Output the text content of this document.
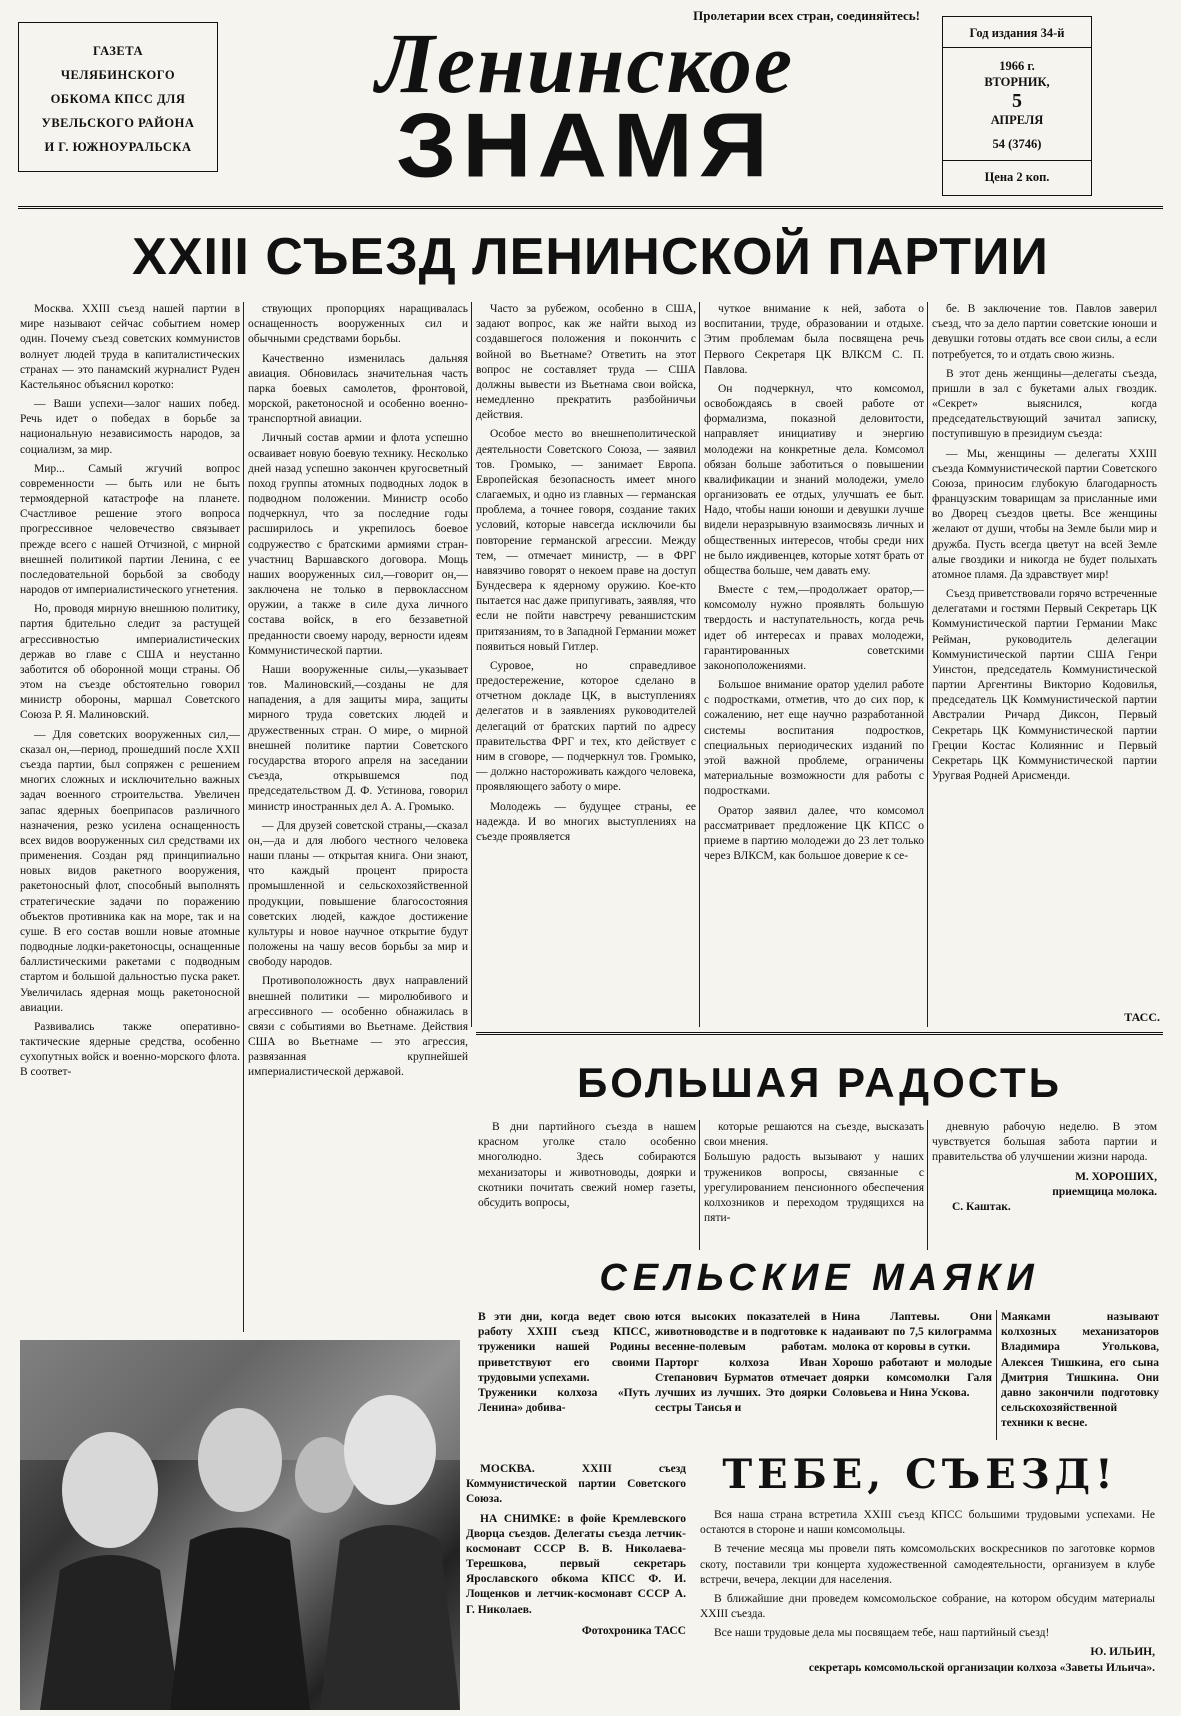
ГАЗЕТА
ЧЕЛЯБИНСКОГО
ОБКОМА КПСС ДЛЯ
УВЕЛЬСКОГО РАЙОНА
И Г. ЮЖНОУРАЛЬСКА
Пролетарии всех стран, соединяйтесь!
Ленинское
ЗНАМЯ
Год издания 34-й
1966 г.
ВТОРНИК,
5
АПРЕЛЯ
54 (3746)
Цена 2 коп.
XXIII СЪЕЗД ЛЕНИНСКОЙ ПАРТИИ

Москва. XXIII съезд нашей партии в мире называют сейчас событием номер один. Почему съезд советских коммунистов волнует людей труда в капиталистических странах — это панамский журналист Руден Кастельянос объяснил коротко:

— Ваши успехи—залог наших побед. Речь идет о победах в борьбе за национальную независимость народов, за социализм, за мир.

Мир... Самый жгучий вопрос современности — быть или не быть термоядерной катастрофе на планете. Счастливое решение этого вопроса прогрессивное человечество связывает прежде всего с нашей Отчизной, с мирной внешней политикой партии Ленина, с ее последовательной борьбой за свободу народов от империалистического угнетения.

Но, проводя мирную внешнюю политику, партия бдительно следит за растущей агрессивностью империалистических держав во главе с США и неустанно заботится об оборонной мощи страны. Об этом на съезде обстоятельно говорил министр обороны, маршал Советского Союза Р. Я. Малиновский.

— Для советских вооруженных сил,—сказал он,—период, прошедший после XXII съезда партии, был сопряжен с решением многих сложных и исключительно важных задач военного строительства. Увеличен запас ядерных боеприпасов различного назначения, резко усилена оснащенность всех видов вооруженных сил средствами их применения. Создан ряд принципиально новых видов ракетного вооружения, ракетоносный флот, способный выполнять стратегические задачи по поражению объектов противника как на море, так и на суше. В его состав вошли новые атомные подводные лодки-ракетоносцы, оснащенные баллистическими ракетами с подводным стартом и большой дальностью пуска ракет. Увеличилась ядерная мощь ракетоносной авиации.

Развивались также оперативно-тактические ядерные средства, особенно сухопутных войск и военно-морского флота. В соответ-

ствующих пропорциях наращивалась оснащенность вооруженных сил и обычными средствами борьбы.

Качественно изменилась дальняя авиация. Обновилась значительная часть парка боевых самолетов, фронтовой, морской, ракетоносной и особенно военно-транспортной авиации.

Личный состав армии и флота успешно осваивает новую боевую технику. Несколько дней назад успешно закончен кругосветный поход группы атомных подводных лодок в подводном положении. Министр особо подчеркнул, что за последние годы расширилось и укрепилось боевое содружество с братскими армиями стран-участниц Варшавского договора. Мощь наших вооруженных сил,—говорит он,—заключена не только в первоклассном оружии, а также в силе духа личного состава войск, в его беззаветной преданности своему народу, верности идеям Коммунистической партии.

Наши вооруженные силы,—указывает тов. Малиновский,—созданы не для нападения, а для защиты мира, защиты мирного труда советских людей и дружественных стран. О мире, о мирной внешней политике партии Советского государства второго апреля на заседании съезда, открывшемся под председательством Д. Ф. Устинова, говорил министр иностранных дел А. А. Громыко.

— Для друзей советской страны,—сказал он,—да и для любого честного человека наши планы — открытая книга. Они знают, что каждый процент прироста промышленной и сельскохозяйственной продукции, повышение благосостояния советских людей, каждое достижение культуры и новое научное открытие будут положены на чашу весов борьбы за мир и свободу народов.

Противоположность двух направлений внешней политики — миролюбивого и агрессивного — особенно обнажилась в связи с событиями во Вьетнаме. Действия США во Вьетнаме — это агрессия, развязанная крупнейшей империалистической державой.

Часто за рубежом, особенно в США, задают вопрос, как же найти выход из создавшегося положения и покончить с войной во Вьетнаме? Ответить на этот вопрос не составляет труда — США должны вывести из Вьетнама свои войска, немедленно прекратить разбойничьи действия.

Особое место во внешнеполитической деятельности Советского Союза, — заявил тов. Громыко, — занимает Европа. Европейская безопасность имеет много слагаемых, и одно из главных — германская проблема, а точнее говоря, создание таких условий, которые навсегда исключили бы повторение германской агрессии. Между тем, — отмечает министр, — в ФРГ навязчиво говорят о некоем праве на доступ Бундесвера к ядерному оружию. Кое-кто пытается нас даже припугивать, заявляя, что если не пойти навстречу реваншистским притязаниям, то в Западной Германии может появиться новый Гитлер.

Суровое, но справедливое предостережение, которое сделано в отчетном докладе ЦК, в выступлениях делегатов и в заявлениях руководителей делегаций от братских партий по адресу правительства ФРГ и тех, кто действует с ним в сговоре, — подчеркнул тов. Громыко, — должно настороживать каждого человека, проявляющего заботу о мире.

Молодежь — будущее страны, ее надежда. И во многих выступлениях на съезде проявляется

чуткое внимание к ней, забота о воспитании, труде, образовании и отдыхе. Этим проблемам была посвящена речь Первого Секретаря ЦК ВЛКСМ С. П. Павлова.

Он подчеркнул, что комсомол, освобождаясь в своей работе от формализма, показной деловитости, направляет инициативу и энергию молодежи на конкретные дела. Комсомол обязан больше заботиться о повышении квалификации и знаний молодежи, умело организовать ее отдых, улучшать ее быт. Надо, чтобы наши юноши и девушки лучше видели неразрывную взаимосвязь личных и общественных интересов, чтобы среди них не было иждивенцев, которые хотят брать от общества больше, чем давать ему.

Вместе с тем,—продолжает оратор,—комсомолу нужно проявлять большую твердость и наступательность, когда речь идет об интересах и правах молодежи, гарантированных советскими законоположениями.

Большое внимание оратор уделил работе с подростками, отметив, что до сих пор, к сожалению, нет еще научно разработанной системы воспитания подростков, специальных периодических изданий по этой важной проблеме, ограничены материальные возможности для работы с подростками.

Оратор заявил далее, что комсомол рассматривает предложение ЦК КПСС о приеме в партию молодежи до 23 лет только через ВЛКСМ, как большое доверие к се-

бе. В заключение тов. Павлов заверил съезд, что за дело партии советские юноши и девушки готовы отдать все свои силы, а если потребуется, то и отдать свою жизнь.

В этот день женщины—делегаты съезда, пришли в зал с букетами алых гвоздик. «Секрет» выяснился, когда председательствующий зачитал записку, поступившую в президиум съезда:

— Мы, женщины — делегаты XXIII съезда Коммунистической партии Советского Союза, приносим глубокую благодарность французским товарищам за присланные ими во Дворец съездов цветы. Все женщины желают от души, чтобы на Земле были мир и дружба. Пусть всегда цветут на всей Земле алые гвоздики и никогда не будет полыхать атомное пламя. Да здравствует мир!

Съезд приветствовали горячо встреченные делегатами и гостями Первый Секретарь ЦК Коммунистической партии Германии Макс Рейман, руководитель делегации Коммунистической партии США Генри Уинстон, председатель Коммунистической партии Аргентины Викторио Кодовилья, председатель ЦК Коммунистической партии Австралии Ричард Диксон, Первый Секретарь ЦК Коммунистической партии Греции Костас Колияннис и Первый Секретарь ЦК Коммунистической партии Уругвая Родней Арисменди.

ТАСС.
БОЛЬШАЯ РАДОСТЬ
В дни партийного съезда в нашем красном уголке стало особенно многолюдно. Здесь собираются механизаторы и животноводы, доярки и скотники почитать свежий номер газеты, обсудить вопросы,
которые решаются на съезде, высказать свои мнения.
Большую радость вызывают у наших тружеников вопросы, связанные с урегулированием пенсионного обеспечения колхозников и переходом трудящихся на пяти-
дневную рабочую неделю. В этом чувствуется большая забота партии и правительства об улучшении жизни народа.
М. ХОРОШИХ,
приемщица молока.
С. Каштак.
СЕЛЬСКИЕ МАЯКИ
В эти дни, когда ведет свою работу XXIII съезд КПСС, труженики нашей Родины приветствуют его своими трудовыми успехами.
Труженики колхоза «Путь Ленина» добива-
ются высоких показателей в животноводстве и в подготовке к весенне-полевым работам. Парторг колхоза Иван Степанович Бурматов отмечает лучших из лучших. Это доярки сестры Таисья и
Нина Лаптевы. Они надаивают по 7,5 килограмма молока от коровы в сутки.
Хорошо работают и молодые доярки комсомолки Галя Соловьева и Нина Ускова.
Маяками называют колхозных механизаторов Владимира Уголькова, Алексея Тишкина, его сына Дмитрия Тишкина. Они давно закончили подготовку сельскохозяйственной техники к весне.

МОСКВА. XXIII съезд Коммунистической партии Советского Союза.

НА СНИМКЕ: в фойе Кремлевского Дворца съездов. Делегаты съезда летчик-космонавт СССР В. В. Николаева-Терешкова, первый секретарь Ярославского обкома КПСС Ф. И. Лощенков и летчик-космонавт СССР А. Г. Николаев.

Фотохроника ТАСС
ТЕБЕ, СЪЕЗД!

Вся наша страна встретила XXIII съезд КПСС большими трудовыми успехами. Не остаются в стороне и наши комсомольцы.

В течение месяца мы провели пять комсомольских воскресников по заготовке кормов скоту, поставили три концерта художественной самодеятельности, организуем в клубе встречи, вечера, лекции для населения.

В ближайшие дни проведем комсомольское собрание, на котором обсудим материалы XXIII съезда.

Все наши трудовые дела мы посвящаем тебе, наш партийный съезд!

Ю. ИЛЬИН,
секретарь комсомольской организации колхоза «Заветы Ильича».
